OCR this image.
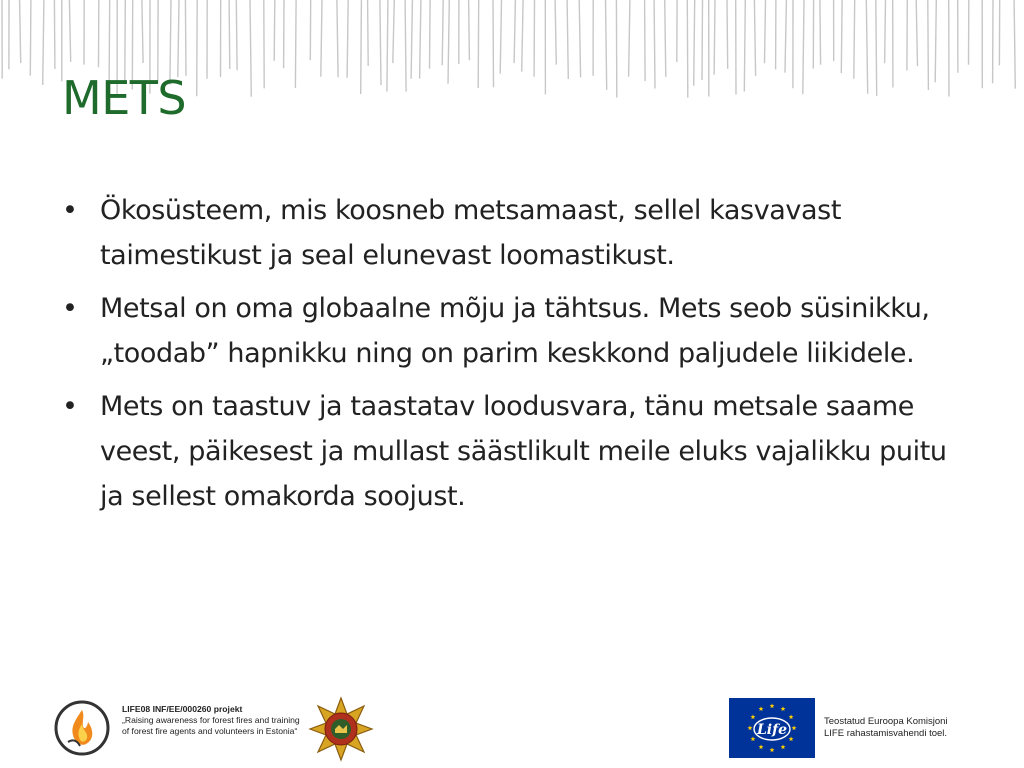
METS
• Ökosüsteem, mis koosneb metsamaast, sellel kasvavast taimestikust ja seal elunevast loomastikust.
• Metsal on oma globaalne mõju ja tähtsus. Mets seob süsinikku, „toodab” hapnikku ning on parim keskkond paljudele liikidele.
• Mets on taastuv ja taastatav loodusvara, tänu metsale saame veest, päikesest ja mullast säästlikult meile eluks vajalikku puitu ja sellest omakorda soojust.
LIFE08 INF/EE/000260 projekt
„Raising awareness for forest fires and training of forest fire agents and volunteers in Estonia“	Life
Teostatud Euroopa Komisjoni
LIFE rahastamisvahendi toel.
